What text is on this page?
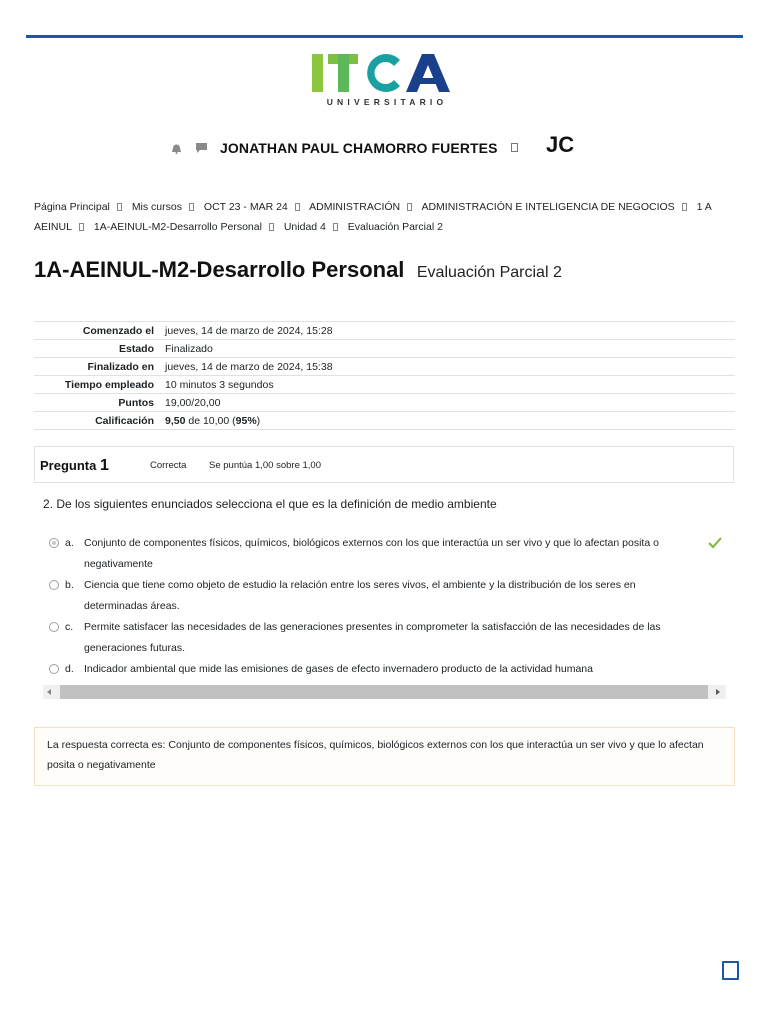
UNIVERSITARIO
JONATHAN PAUL CHAMORRO FUERTES JC
Página Principal Mis cursos OCT 23 - MAR 24 ADMINISTRACIÓN ADMINISTRACIÓN E INTELIGENCIA DE NEGOCIOS 1 A AEINUL 1A-AEINUL-M2-Desarrollo Personal Unidad 4 Evaluación Parcial 2
1A-AEINUL-M2-Desarrollo Personal Evaluación Parcial 2
Comenzado el	jueves, 14 de marzo de 2024, 15:28
Estado	Finalizado
Finalizado en	jueves, 14 de marzo de 2024, 15:38
Tiempo empleado	10 minutos 3 segundos
Puntos	19,00/20,00
Calificación	9,50 de 10,00 (95%)
Pregunta 1	Correcta Se puntúa 1,00 sobre 1,00
2. De los siguientes enunciados selecciona el que es la definición de medio ambiente
a. Conjunto de componentes físicos, químicos, biológicos externos con los que interactúa un ser vivo y que lo afectan posita o negativamente
b. Ciencia que tiene como objeto de estudio la relación entre los seres vivos, el ambiente y la distribución de los seres en determinadas áreas.
c. Permite satisfacer las necesidades de las generaciones presentes in comprometer la satisfacción de las necesidades de las generaciones futuras.
d. Indicador ambiental que mide las emisiones de gases de efecto invernadero producto de la actividad humana
La respuesta correcta es: Conjunto de componentes físicos, químicos, biológicos externos con los que interactúa un ser vivo y que lo afectan posita o negativamente
